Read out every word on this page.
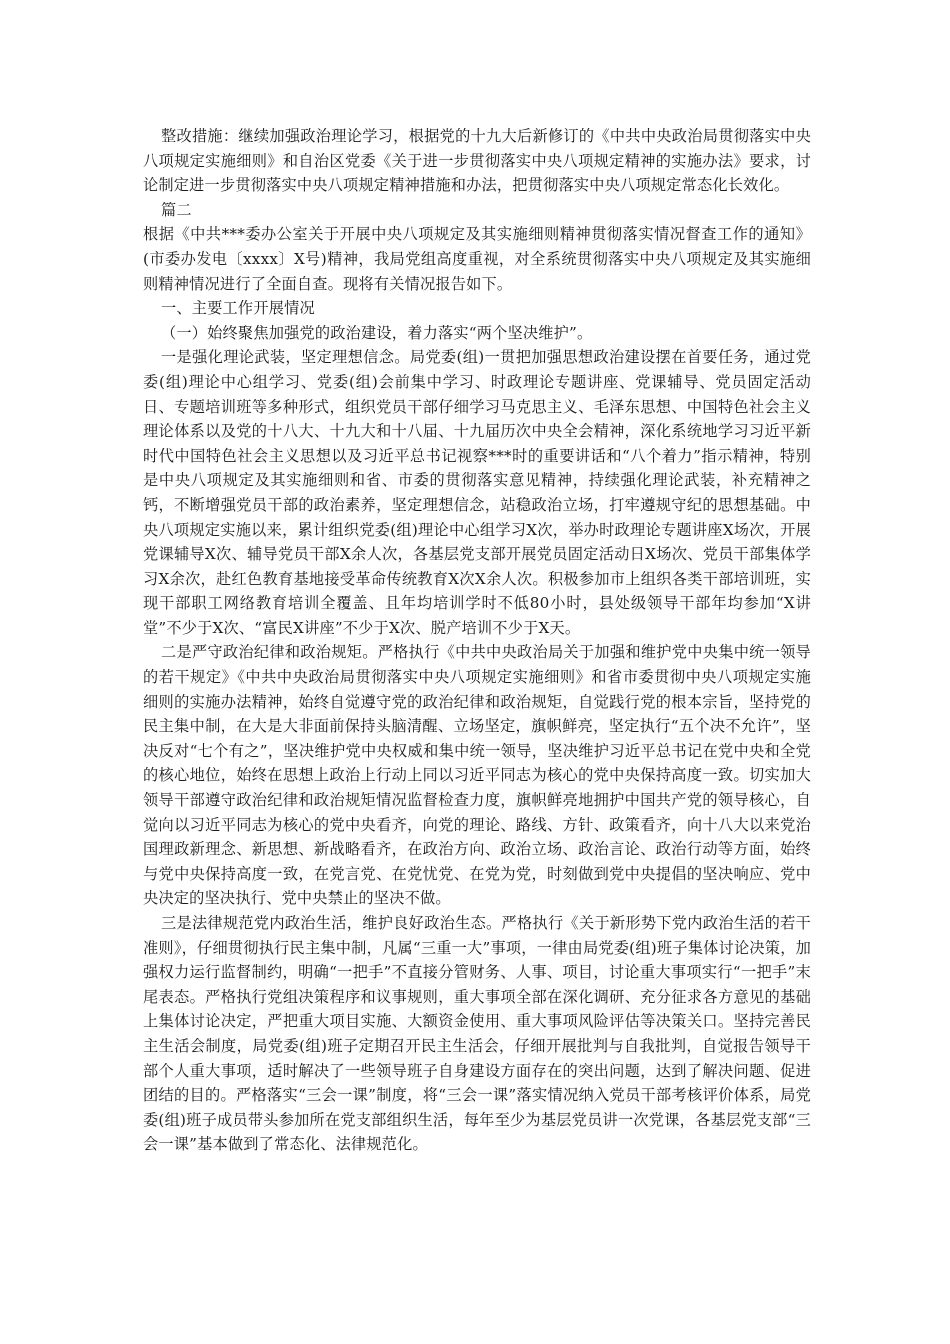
整改措施：继续加强政治理论学习，根据党的十九大后新修订的《中共中央政治局贯彻落实中央八项规定实施细则》和自治区党委《关于进一步贯彻落实中央八项规定精神的实施办法》要求，讨论制定进一步贯彻落实中央八项规定精神措施和办法，把贯彻落实中央八项规定常态化长效化。

篇二

根据《中共***委办公室关于开展中央八项规定及其实施细则精神贯彻落实情况督查工作的通知》(市委办发电〔xxxx〕X号)精神，我局党组高度重视，对全系统贯彻落实中央八项规定及其实施细则精神情况进行了全面自查。现将有关情况报告如下。

一、主要工作开展情况

（一）始终聚焦加强党的政治建设，着力落实“两个坚决维护”。

一是强化理论武装，坚定理想信念。局党委(组)一贯把加强思想政治建设摆在首要任务，通过党委(组)理论中心组学习、党委(组)会前集中学习、时政理论专题讲座、党课辅导、党员固定活动日、专题培训班等多种形式，组织党员干部仔细学习马克思主义、毛泽东思想、中国特色社会主义理论体系以及党的十八大、十九大和十八届、十九届历次中央全会精神，深化系统地学习习近平新时代中国特色社会主义思想以及习近平总书记视察***时的重要讲话和“八个着力”指示精神，特别是中央八项规定及其实施细则和省、市委的贯彻落实意见精神，持续强化理论武装，补充精神之钙，不断增强党员干部的政治素养，坚定理想信念，站稳政治立场，打牢遵规守纪的思想基础。中央八项规定实施以来，累计组织党委(组)理论中心组学习X次，举办时政理论专题讲座X场次，开展党课辅导X次、辅导党员干部X余人次，各基层党支部开展党员固定活动日X场次、党员干部集体学习X余次，赴红色教育基地接受革命传统教育X次X余人次。积极参加市上组织各类干部培训班，实现干部职工网络教育培训全覆盖、且年均培训学时不低80小时，县处级领导干部年均参加“X讲堂”不少于X次、“富民X讲座”不少于X次、脱产培训不少于X天。

二是严守政治纪律和政治规矩。严格执行《中共中央政治局关于加强和维护党中央集中统一领导的若干规定》《中共中央政治局贯彻落实中央八项规定实施细则》和省市委贯彻中央八项规定实施细则的实施办法精神，始终自觉遵守党的政治纪律和政治规矩，自觉践行党的根本宗旨，坚持党的民主集中制，在大是大非面前保持头脑清醒、立场坚定，旗帜鲜亮，坚定执行“五个决不允许”，坚决反对“七个有之”，坚决维护党中央权威和集中统一领导，坚决维护习近平总书记在党中央和全党的核心地位，始终在思想上政治上行动上同以习近平同志为核心的党中央保持高度一致。切实加大领导干部遵守政治纪律和政治规矩情况监督检查力度，旗帜鲜亮地拥护中国共产党的领导核心，自觉向以习近平同志为核心的党中央看齐，向党的理论、路线、方针、政策看齐，向十八大以来党治国理政新理念、新思想、新战略看齐，在政治方向、政治立场、政治言论、政治行动等方面，始终与党中央保持高度一致，在党言党、在党忧党、在党为党，时刻做到党中央提倡的坚决响应、党中央决定的坚决执行、党中央禁止的坚决不做。

三是法律规范党内政治生活，维护良好政治生态。严格执行《关于新形势下党内政治生活的若干准则》，仔细贯彻执行民主集中制，凡属“三重一大”事项，一律由局党委(组)班子集体讨论决策，加强权力运行监督制约，明确“一把手”不直接分管财务、人事、项目，讨论重大事项实行“一把手”末尾表态。严格执行党组决策程序和议事规则，重大事项全部在深化调研、充分征求各方意见的基础上集体讨论决定，严把重大项目实施、大额资金使用、重大事项风险评估等决策关口。坚持完善民主生活会制度，局党委(组)班子定期召开民主生活会，仔细开展批判与自我批判，自觉报告领导干部个人重大事项，适时解决了一些领导班子自身建设方面存在的突出问题，达到了解决问题、促进团结的目的。严格落实“三会一课”制度，将“三会一课”落实情况纳入党员干部考核评价体系，局党委(组)班子成员带头参加所在党支部组织生活，每年至少为基层党员讲一次党课，各基层党支部“三会一课”基本做到了常态化、法律规范化。
